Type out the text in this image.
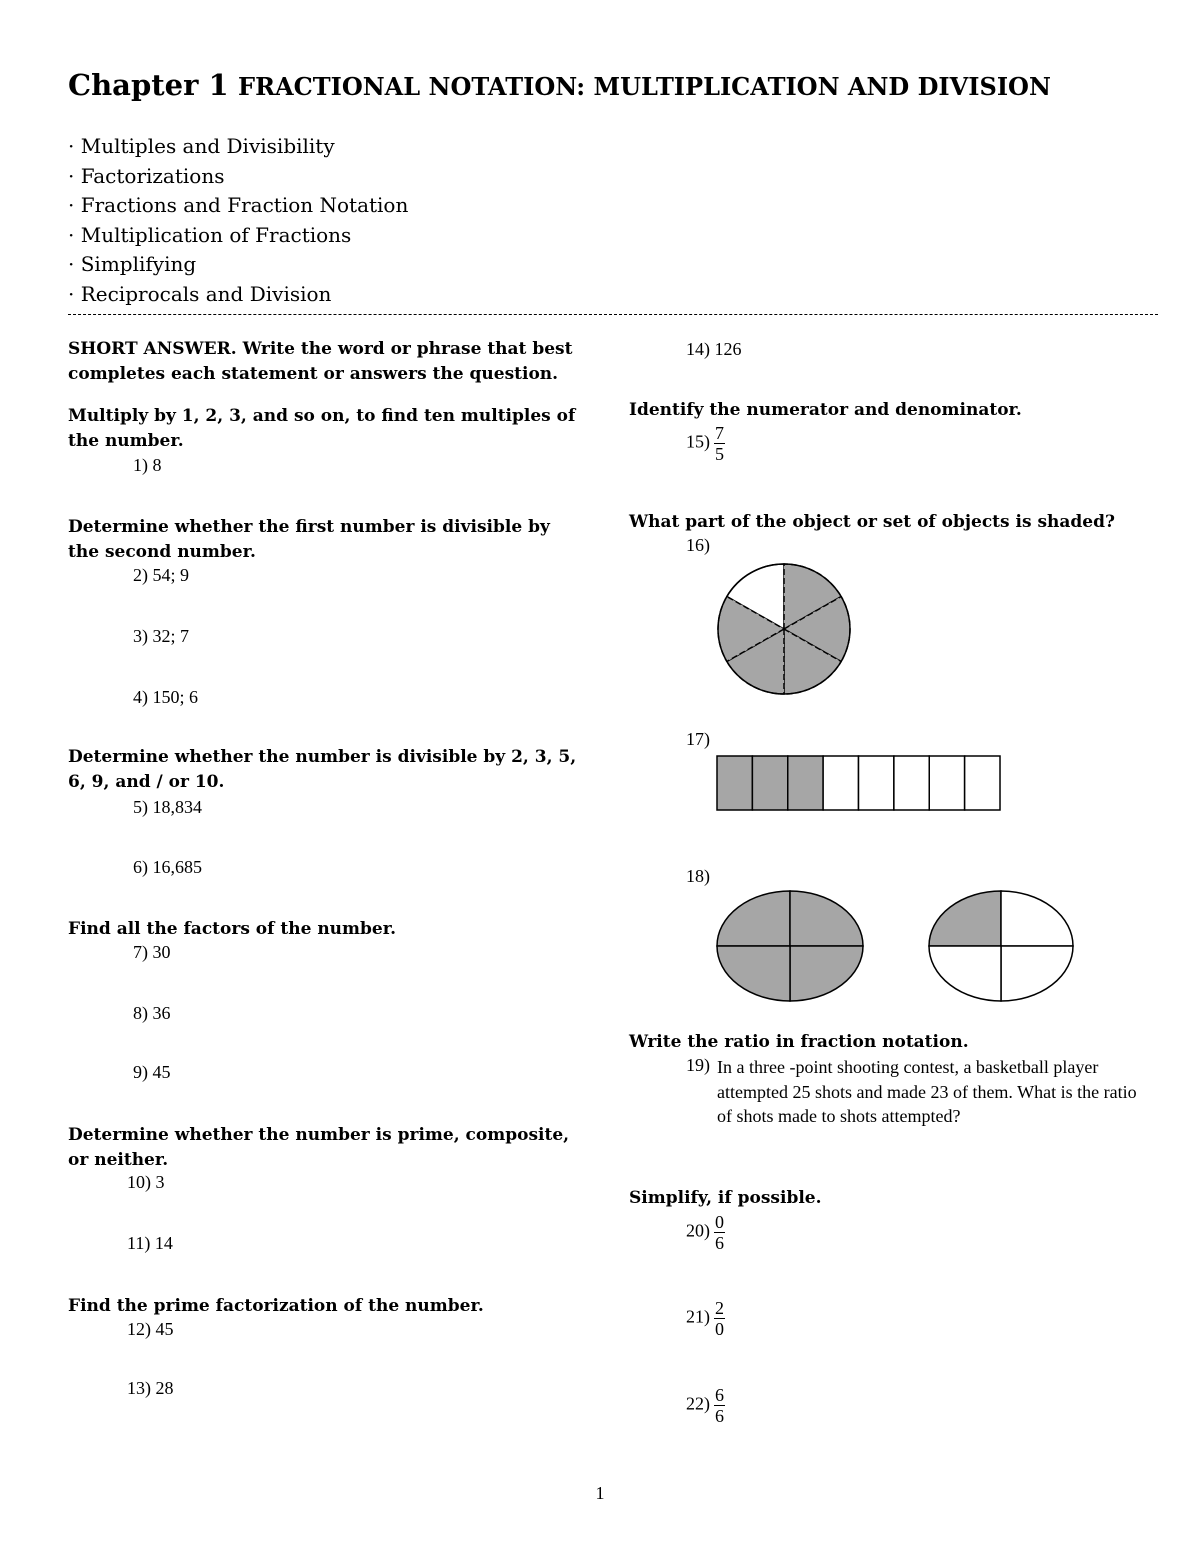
Chapter 1 FRACTIONAL NOTATION: MULTIPLICATION AND DIVISION
· Multiples and Divisibility
· Factorizations
· Fractions and Fraction Notation
· Multiplication of Fractions
· Simplifying
· Reciprocals and Division
SHORT ANSWER. Write the word or phrase that best completes each statement or answers the question.
Multiply by 1, 2, 3, and so on, to find ten multiples of the number.
1) 8
Determine whether the first number is divisible by the second number.
2) 54; 9
3) 32; 7
4) 150; 6
Determine whether the number is divisible by 2, 3, 5, 6, 9, and / or 10.
5) 18,834
6) 16,685
Find all the factors of the number.
7) 30
8) 36
9) 45
Determine whether the number is prime, composite, or neither.
10) 3
11) 14
Find the prime factorization of the number.
12) 45
13) 28
14) 126
Identify the numerator and denominator.
$15) \frac{7}{5}$
What part of the object or set of objects is shaded?
16)
17)
18)
Write the ratio in fraction notation.
19) In a three -point shooting contest, a basketball player attempted 25 shots and made 23 of them. What is the ratio of shots made to shots attempted?
Simplify, if possible.
$20) \frac{0}{6}$
$21) \frac{2}{0}$
$22) \frac{6}{6}$
1
